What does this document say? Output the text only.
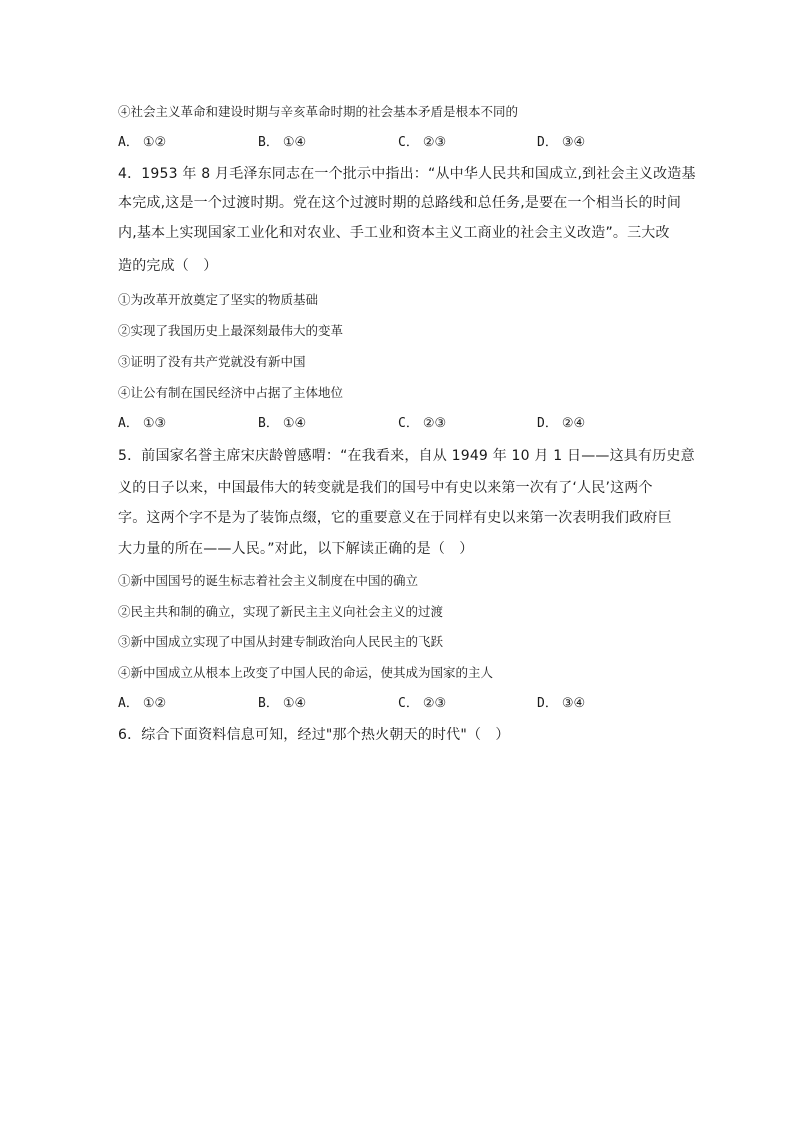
④社会主义革命和建设时期与辛亥革命时期的社会基本矛盾是根本不同的
A． ①②	B． ①④	C． ②③	D． ③④
4．1953 年 8 月毛泽东同志在一个批示中指出：“从中华人民共和国成立,到社会主义改造基
本完成,这是一个过渡时期。党在这个过渡时期的总路线和总任务,是要在一个相当长的时间
内,基本上实现国家工业化和对农业、手工业和资本主义工商业的社会主义改造”。三大改
造的完成（　）
①为改革开放奠定了坚实的物质基础
②实现了我国历史上最深刻最伟大的变革
③证明了没有共产党就没有新中国
④让公有制在国民经济中占据了主体地位
A． ①③	B． ①④	C． ②③	D． ②④
5．前国家名誉主席宋庆龄曾感喟：“在我看来，自从 1949 年 10 月 1 日——这具有历史意
义的日子以来，中国最伟大的转变就是我们的国号中有史以来第一次有了‘人民’这两个
字。这两个字不是为了装饰点缀，它的重要意义在于同样有史以来第一次表明我们政府巨
大力量的所在——人民。”对此，以下解读正确的是（　）
①新中国国号的诞生标志着社会主义制度在中国的确立
②民主共和制的确立，实现了新民主主义向社会主义的过渡
③新中国成立实现了中国从封建专制政治向人民民主的飞跃
④新中国成立从根本上改变了中国人民的命运，使其成为国家的主人
A． ①②	B． ①④	C． ②③	D． ③④
6．综合下面资料信息可知，经过"那个热火朝天的时代"（　）
